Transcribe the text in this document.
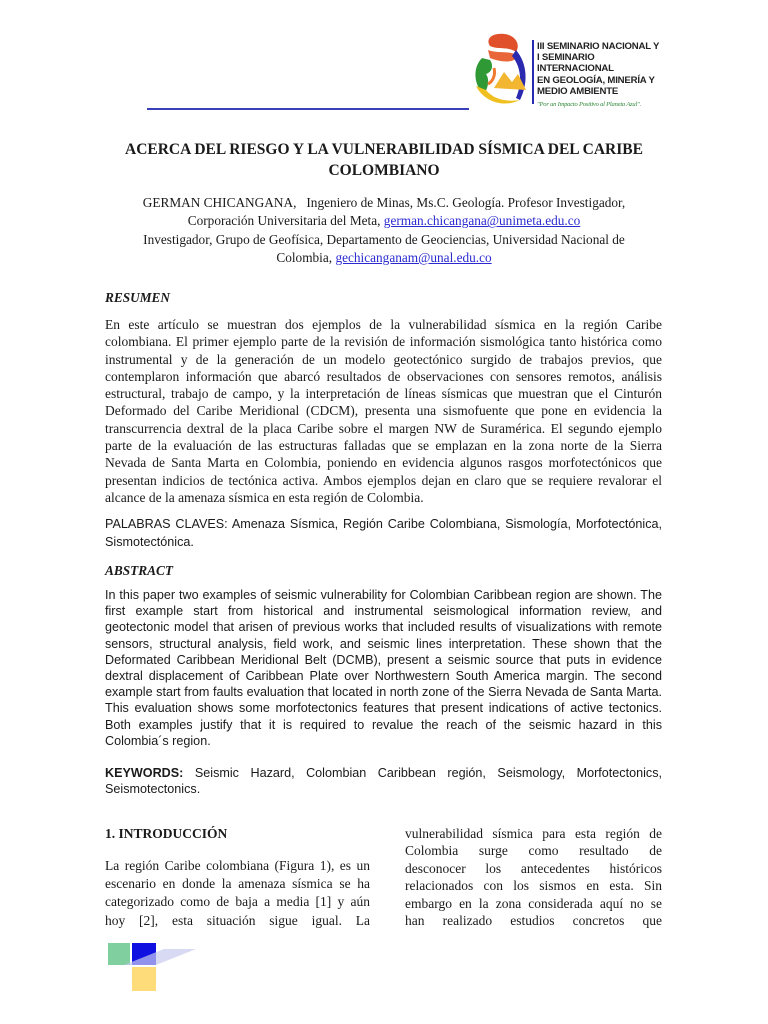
III SEMINARIO NACIONAL Y
I SEMINARIO INTERNACIONAL
EN GEOLOGÍA, MINERÍA Y
MEDIO AMBIENTE
"Por un Impacto Positivo al Planeta Azul".
ACERCA DEL RIESGO Y LA VULNERABILIDAD SÍSMICA DEL CARIBE
COLOMBIANO
GERMAN CHICANGANA,   Ingeniero de Minas, Ms.C. Geología. Profesor Investigador,
Corporación Universitaria del Meta, german.chicangana@unimeta.edu.co
Investigador, Grupo de Geofísica, Departamento de Geociencias, Universidad Nacional de
Colombia, gechicanganam@unal.edu.co
RESUMEN
En este artículo se muestran dos ejemplos de la vulnerabilidad sísmica en la región Caribe
colombiana. El primer ejemplo parte de la revisión de información sismológica tanto histórica como
instrumental y de la generación de un modelo geotectónico surgido de trabajos previos, que
contemplaron información que abarcó resultados de observaciones con sensores remotos, análisis
estructural, trabajo de campo, y la interpretación de líneas sísmicas que muestran que el Cinturón
Deformado del Caribe Meridional (CDCM), presenta una sismofuente que pone en evidencia la
transcurrencia dextral de la placa Caribe sobre el margen NW de Suramérica. El segundo ejemplo
parte de la evaluación de las estructuras falladas que se emplazan en la zona norte de la Sierra
Nevada de Santa Marta en Colombia, poniendo en evidencia algunos rasgos morfotectónicos que
presentan indicios de tectónica activa. Ambos ejemplos dejan en claro que se requiere revalorar el
alcance de la amenaza sísmica en esta región de Colombia.
PALABRAS CLAVES: Amenaza Sísmica, Región Caribe Colombiana, Sismología, Morfotectónica,
Sismotectónica.
ABSTRACT
In this paper two examples of seismic vulnerability for Colombian Caribbean region are shown. The
first example start from historical and instrumental seismological information review, and
geotectonic model that arisen of previous works that included results of visualizations with remote
sensors, structural analysis, field work, and seismic lines interpretation. These shown that the
Deformated Caribbean Meridional Belt (DCMB), present a seismic source that puts in evidence
dextral displacement of Caribbean Plate over Northwestern South America margin. The second
example start from faults evaluation that located in north zone of the Sierra Nevada de Santa Marta.
This evaluation shows some morfotectonics features that present indications of active tectonics.
Both examples justify that it is required to revalue the reach of the seismic hazard in this
Colombia´s region.
KEYWORDS: Seismic Hazard, Colombian Caribbean región, Seismology, Morfotectonics,
Seismotectonics.
1. INTRODUCCIÓN
La región Caribe colombiana (Figura 1), es un
escenario en donde la amenaza sísmica se ha
categorizado como de baja a media [1] y aún
hoy [2], esta situación sigue igual. La
vulnerabilidad sísmica para esta región de
Colombia surge como resultado de
desconocer los antecedentes históricos
relacionados con los sismos en esta. Sin
embargo en la zona considerada aquí no se
han realizado estudios concretos que
